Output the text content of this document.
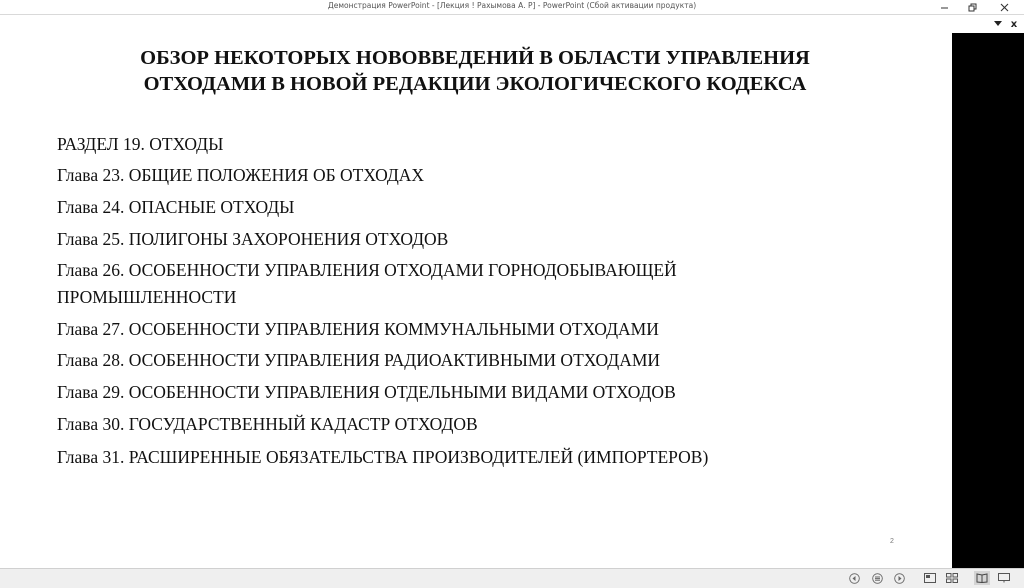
Демонстрация PowerPoint - [Лекция ! Рахымова А. Р] - PowerPoint (Сбой активации продукта)
x
ОБЗОР НЕКОТОРЫХ НОВОВВЕДЕНИЙ В ОБЛАСТИ УПРАВЛЕНИЯ
ОТХОДАМИ В НОВОЙ РЕДАКЦИИ ЭКОЛОГИЧЕСКОГО КОДЕКСА
РАЗДЕЛ 19. ОТХОДЫ
Глава 23. ОБЩИЕ ПОЛОЖЕНИЯ ОБ ОТХОДАХ
Глава 24. ОПАСНЫЕ ОТХОДЫ
Глава 25. ПОЛИГОНЫ ЗАХОРОНЕНИЯ ОТХОДОВ
Глава 26. ОСОБЕННОСТИ УПРАВЛЕНИЯ ОТХОДАМИ ГОРНОДОБЫВАЮЩЕЙ
ПРОМЫШЛЕННОСТИ
Глава 27. ОСОБЕННОСТИ УПРАВЛЕНИЯ КОММУНАЛЬНЫМИ ОТХОДАМИ
Глава 28. ОСОБЕННОСТИ УПРАВЛЕНИЯ РАДИОАКТИВНЫМИ ОТХОДАМИ
Глава 29. ОСОБЕННОСТИ УПРАВЛЕНИЯ ОТДЕЛЬНЫМИ ВИДАМИ ОТХОДОВ
Глава 30. ГОСУДАРСТВЕННЫЙ КАДАСТР ОТХОДОВ
Глава 31. РАСШИРЕННЫЕ ОБЯЗАТЕЛЬСТВА ПРОИЗВОДИТЕЛЕЙ (ИМПОРТЕРОВ)
2
